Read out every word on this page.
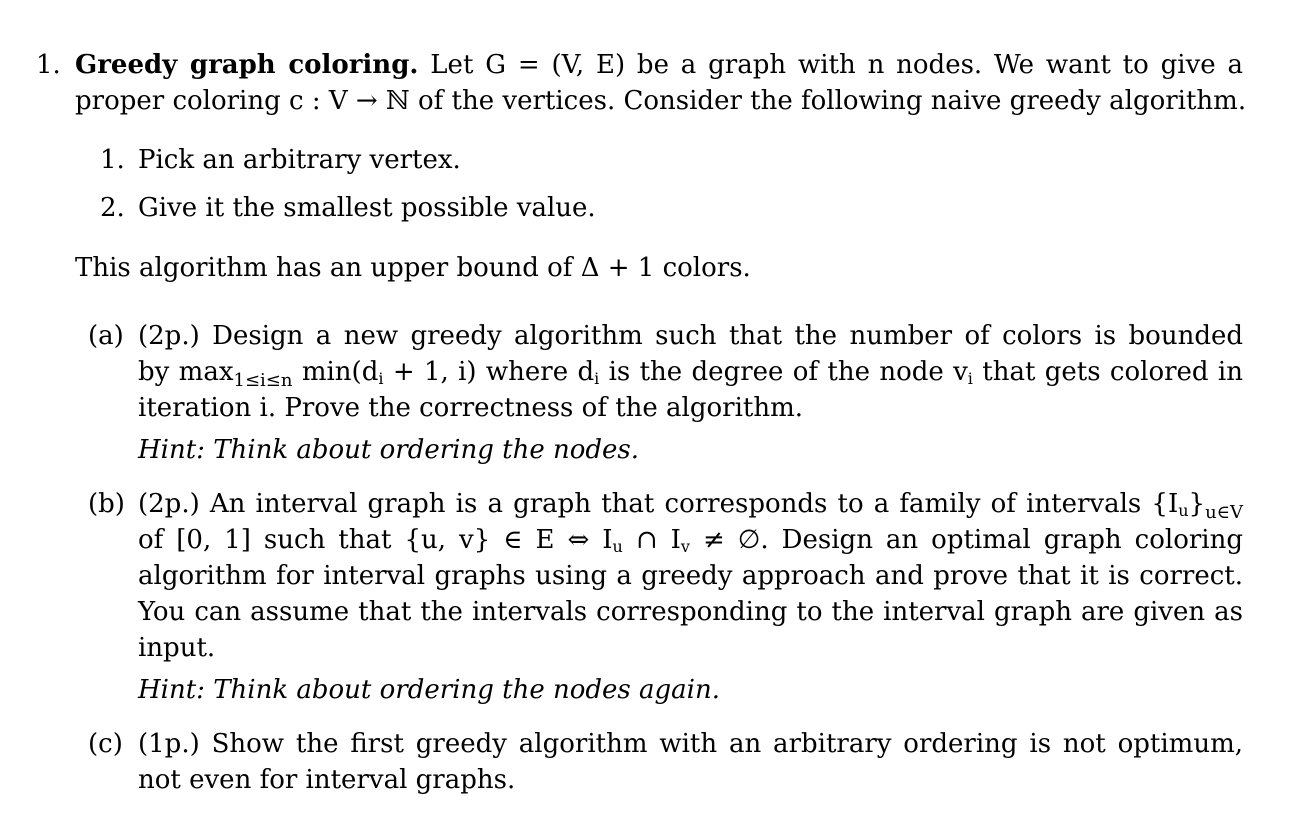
1. Greedy graph coloring. Let G = (V, E) be a graph with n nodes. We want to give a
proper coloring c : V → ℕ of the vertices. Consider the following naive greedy algorithm.
1. Pick an arbitrary vertex.
2. Give it the smallest possible value.
This algorithm has an upper bound of Δ + 1 colors.
(a) (2p.) Design a new greedy algorithm such that the number of colors is bounded
by $\max_{1\le i\le n} \min(di + 1$, i) where di is the degree of the node vi that gets colored in
iteration i. Prove the correctness of the algorithm.
Hint: Think about ordering the nodes.
(b) (2p.) An interval graph is a graph that corresponds to a family of intervals $\{Iu\}_{u\in V}$
of [0, 1] such that {u, v} ∈ E ⇔ Iu ∩ Iv ≠ ∅. Design an optimal graph coloring
algorithm for interval graphs using a greedy approach and prove that it is correct.
You can assume that the intervals corresponding to the interval graph are given as
input.
Hint: Think about ordering the nodes again.
(c) (1p.) Show the first greedy algorithm with an arbitrary ordering is not optimum,
not even for interval graphs.
